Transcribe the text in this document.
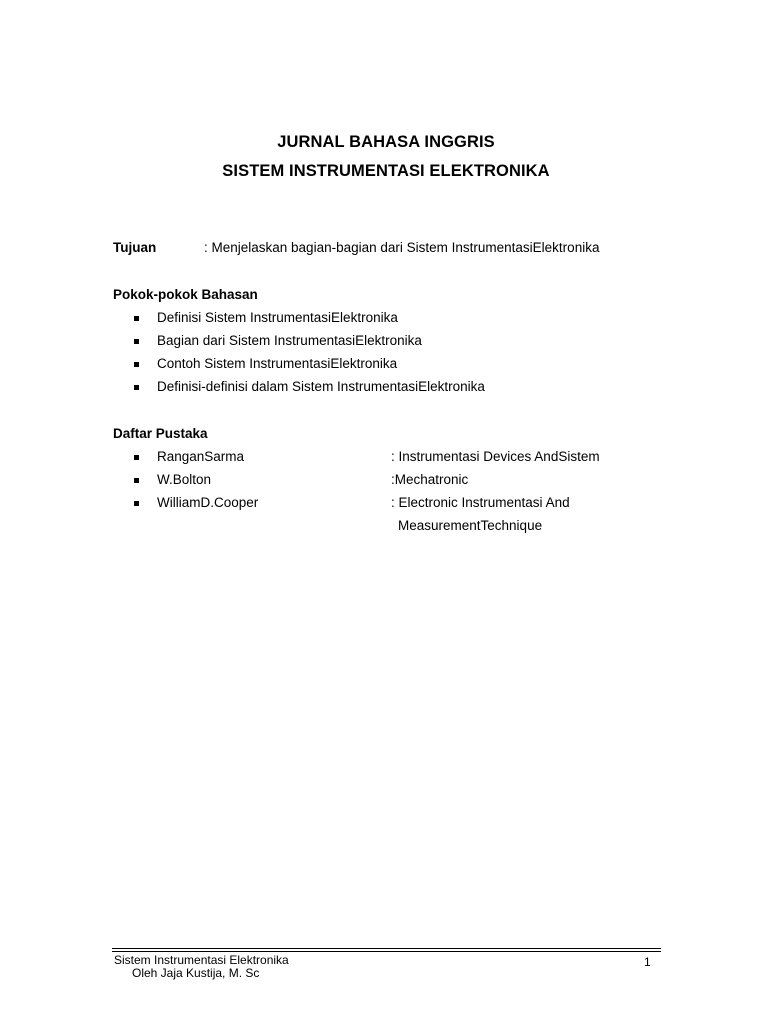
JURNAL BAHASA INGGRIS
SISTEM INSTRUMENTASI ELEKTRONIKA
Tujuan	: Menjelaskan bagian-bagian dari Sistem InstrumentasiElektronika
Pokok-pokok Bahasan
Definisi Sistem InstrumentasiElektronika
Bagian dari Sistem InstrumentasiElektronika
Contoh Sistem InstrumentasiElektronika
Definisi-definisi dalam Sistem InstrumentasiElektronika
Daftar Pustaka
RanganSarma	: Instrumentasi Devices AndSistem
W.Bolton	:Mechatronic
WilliamD.Cooper	: Electronic Instrumentasi And
MeasurementTechnique
Sistem Instrumentasi Elektronika
Oleh Jaja Kustija, M. Sc
1
